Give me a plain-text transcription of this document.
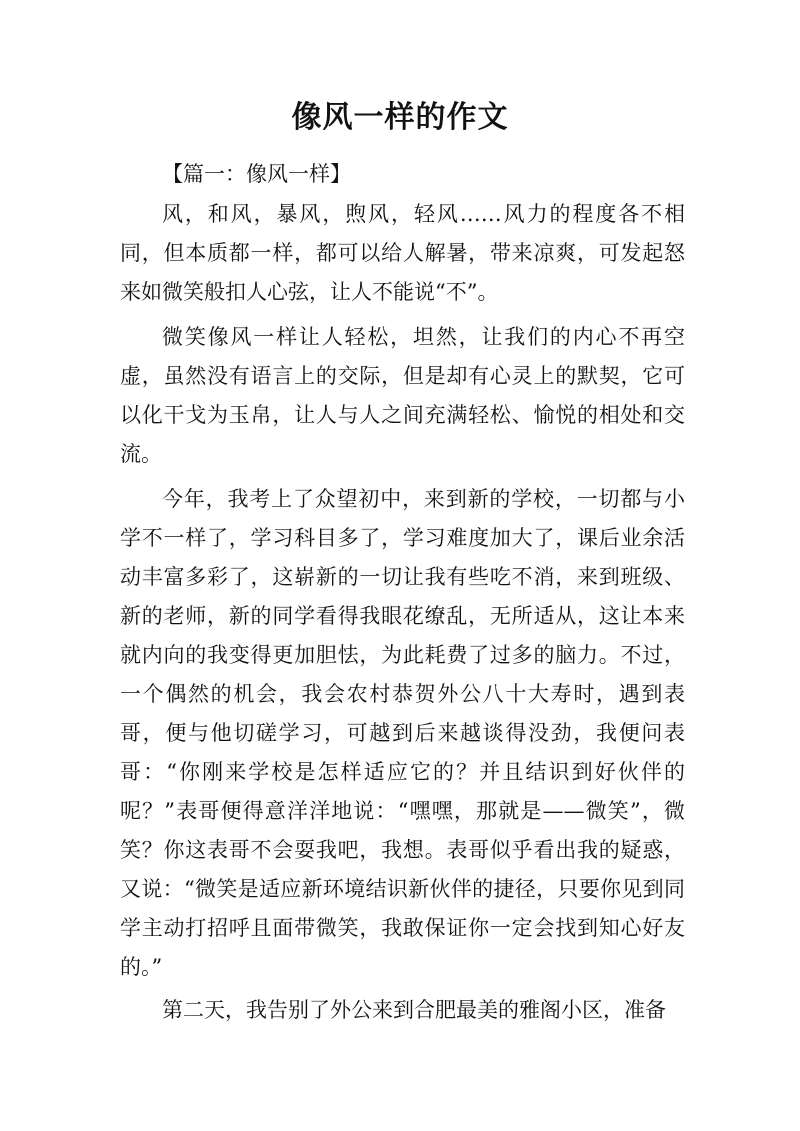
像风一样的作文

【篇一：像风一样】

风，和风，暴风，煦风，轻风……风力的程度各不相同，但本质都一样，都可以给人解暑，带来凉爽，可发起怒来如微笑般扣人心弦，让人不能说“不”。

微笑像风一样让人轻松，坦然，让我们的内心不再空虚，虽然没有语言上的交际，但是却有心灵上的默契，它可以化干戈为玉帛，让人与人之间充满轻松、愉悦的相处和交流。

今年，我考上了众望初中，来到新的学校，一切都与小学不一样了，学习科目多了，学习难度加大了，课后业余活动丰富多彩了，这崭新的一切让我有些吃不消，来到班级、新的老师，新的同学看得我眼花缭乱，无所适从，这让本来就内向的我变得更加胆怯，为此耗费了过多的脑力。不过，一个偶然的机会，我会农村恭贺外公八十大寿时，遇到表哥，便与他切磋学习，可越到后来越谈得没劲，我便问表哥：“你刚来学校是怎样适应它的？并且结识到好伙伴的呢？”表哥便得意洋洋地说：“嘿嘿，那就是——微笑”，微笑？你这表哥不会耍我吧，我想。表哥似乎看出我的疑惑，又说：“微笑是适应新环境结识新伙伴的捷径，只要你见到同学主动打招呼且面带微笑，我敢保证你一定会找到知心好友的。”

第二天，我告别了外公来到合肥最美的雅阁小区，准备
